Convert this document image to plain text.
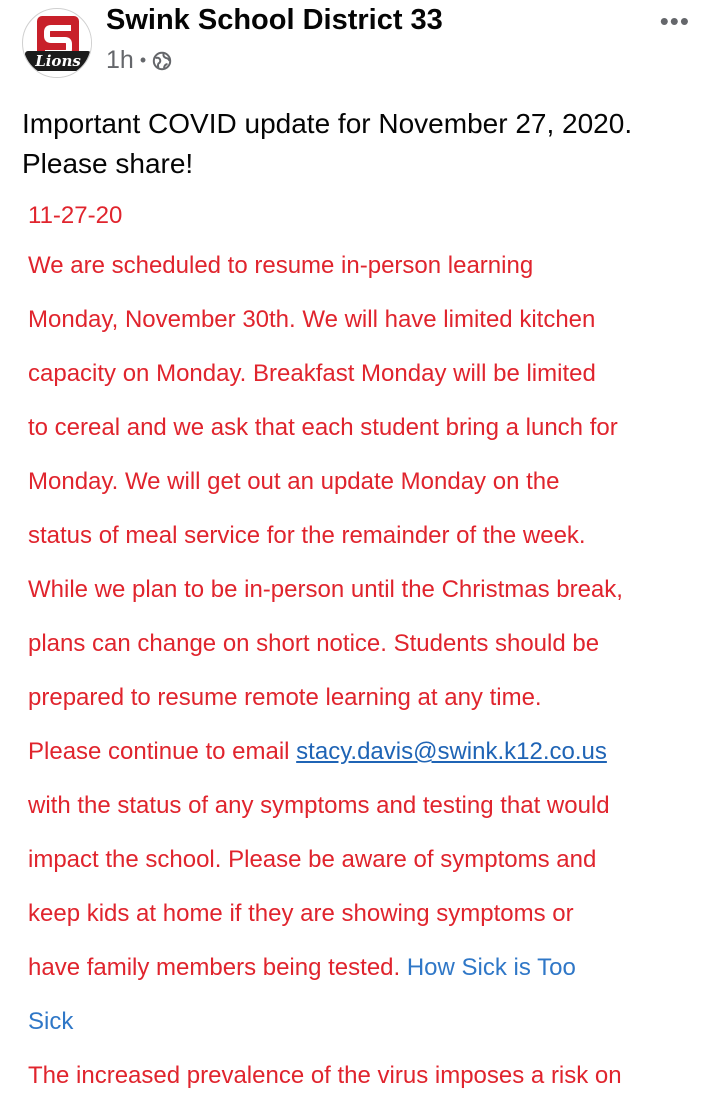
Lions
Swink School District 33
1h •
•••
Important COVID update for November 27, 2020.
Please share!
11-27-20
We are scheduled to resume in-person learning
Monday, November 30th. We will have limited kitchen
capacity on Monday. Breakfast Monday will be limited
to cereal and we ask that each student bring a lunch for
Monday. We will get out an update Monday on the
status of meal service for the remainder of the week.
While we plan to be in-person until the Christmas break,
plans can change on short notice. Students should be
prepared to resume remote learning at any time.
Please continue to email stacy.davis@swink.k12.co.us
with the status of any symptoms and testing that would
impact the school. Please be aware of symptoms and
keep kids at home if they are showing symptoms or
have family members being tested. How Sick is Too
Sick
The increased prevalence of the virus imposes a risk on
